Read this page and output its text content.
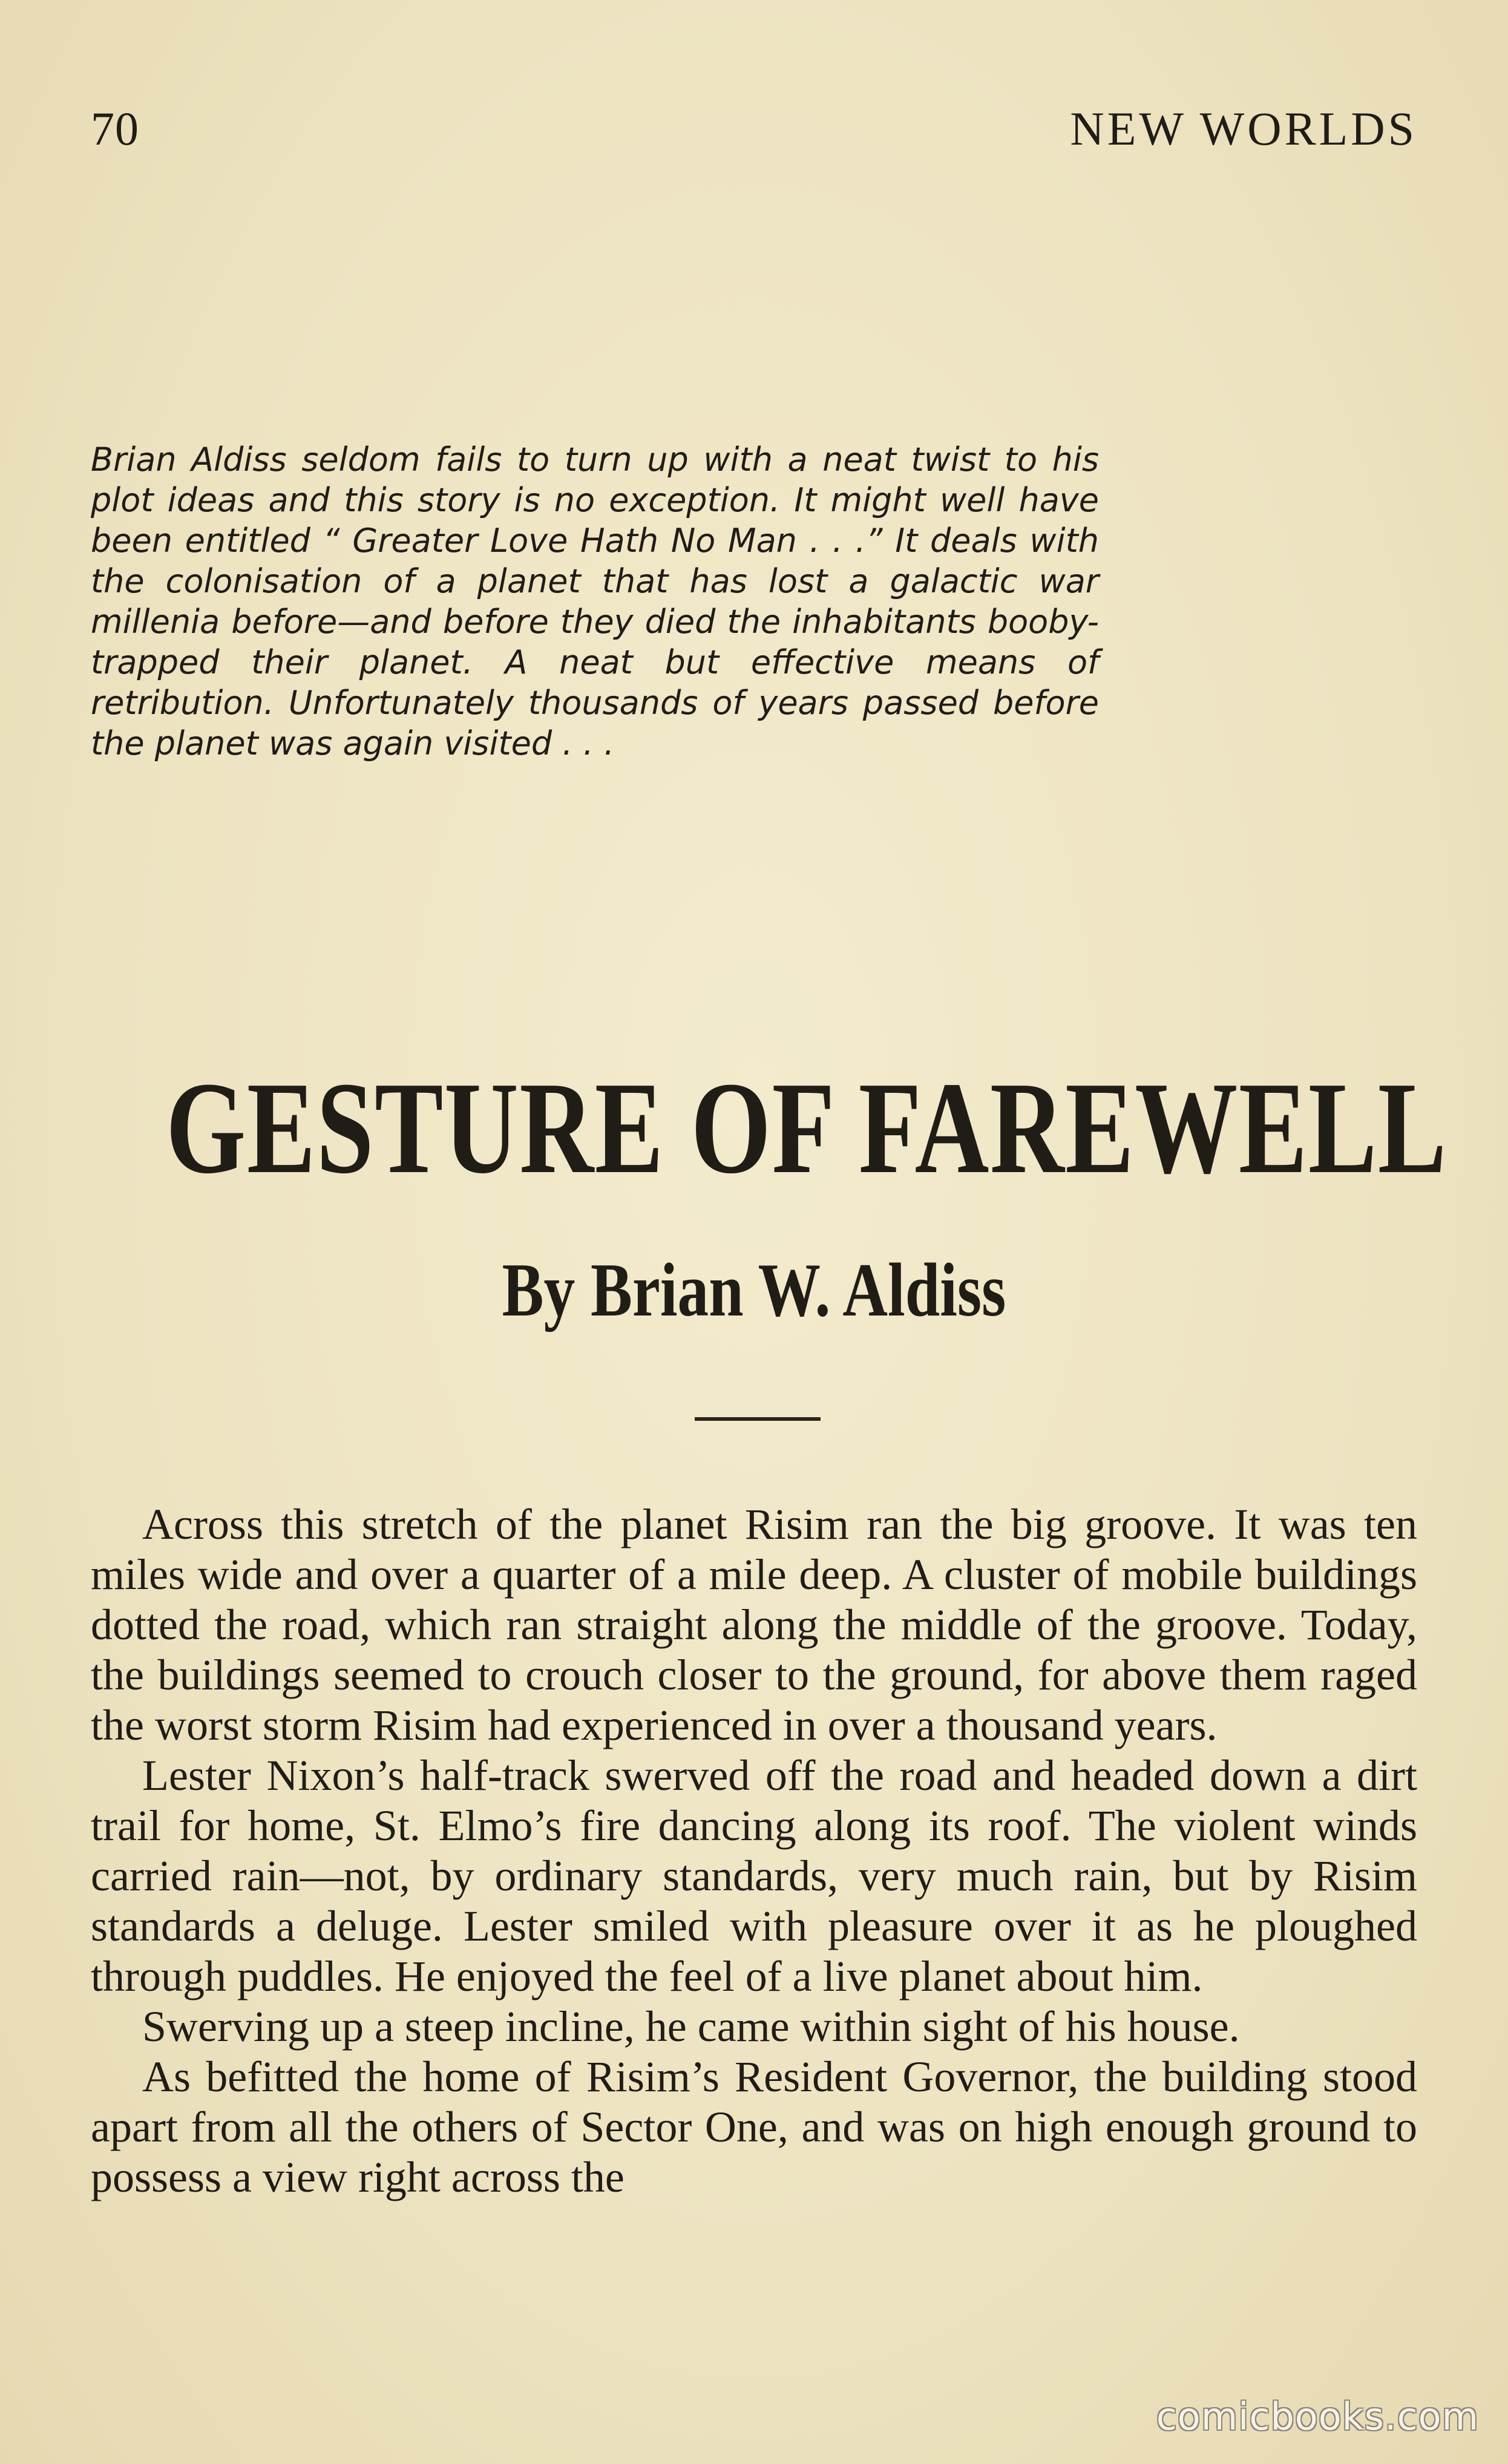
70	NEW WORLDS
Brian Aldiss seldom fails to turn up with a neat twist to his plot ideas and this story is no exception. It might well have been entitled “ Greater Love Hath No Man . . .” It deals with the colonisation of a planet that has lost a galactic war millenia before—and before they died the inhabitants booby-trapped their planet. A neat but effective means of retribution. Unfortunately thousands of years passed before the planet was again visited . . .
GESTURE OF FAREWELL
By Brian W. Aldiss

Across this stretch of the planet Risim ran the big groove. It was ten miles wide and over a quarter of a mile deep. A cluster of mobile buildings dotted the road, which ran straight along the middle of the groove. Today, the buildings seemed to crouch closer to the ground, for above them raged the worst storm Risim had experienced in over a thousand years.

Lester Nixon’s half-track swerved off the road and headed down a dirt trail for home, St. Elmo’s fire dancing along its roof. The violent winds carried rain—not, by ordinary standards, very much rain, but by Risim standards a deluge. Lester smiled with pleasure over it as he ploughed through puddles. He enjoyed the feel of a live planet about him.

Swerving up a steep incline, he came within sight of his house.

As befitted the home of Risim’s Resident Governor, the building stood apart from all the others of Sector One, and was on high enough ground to possess a view right across the

comicbooks.com
